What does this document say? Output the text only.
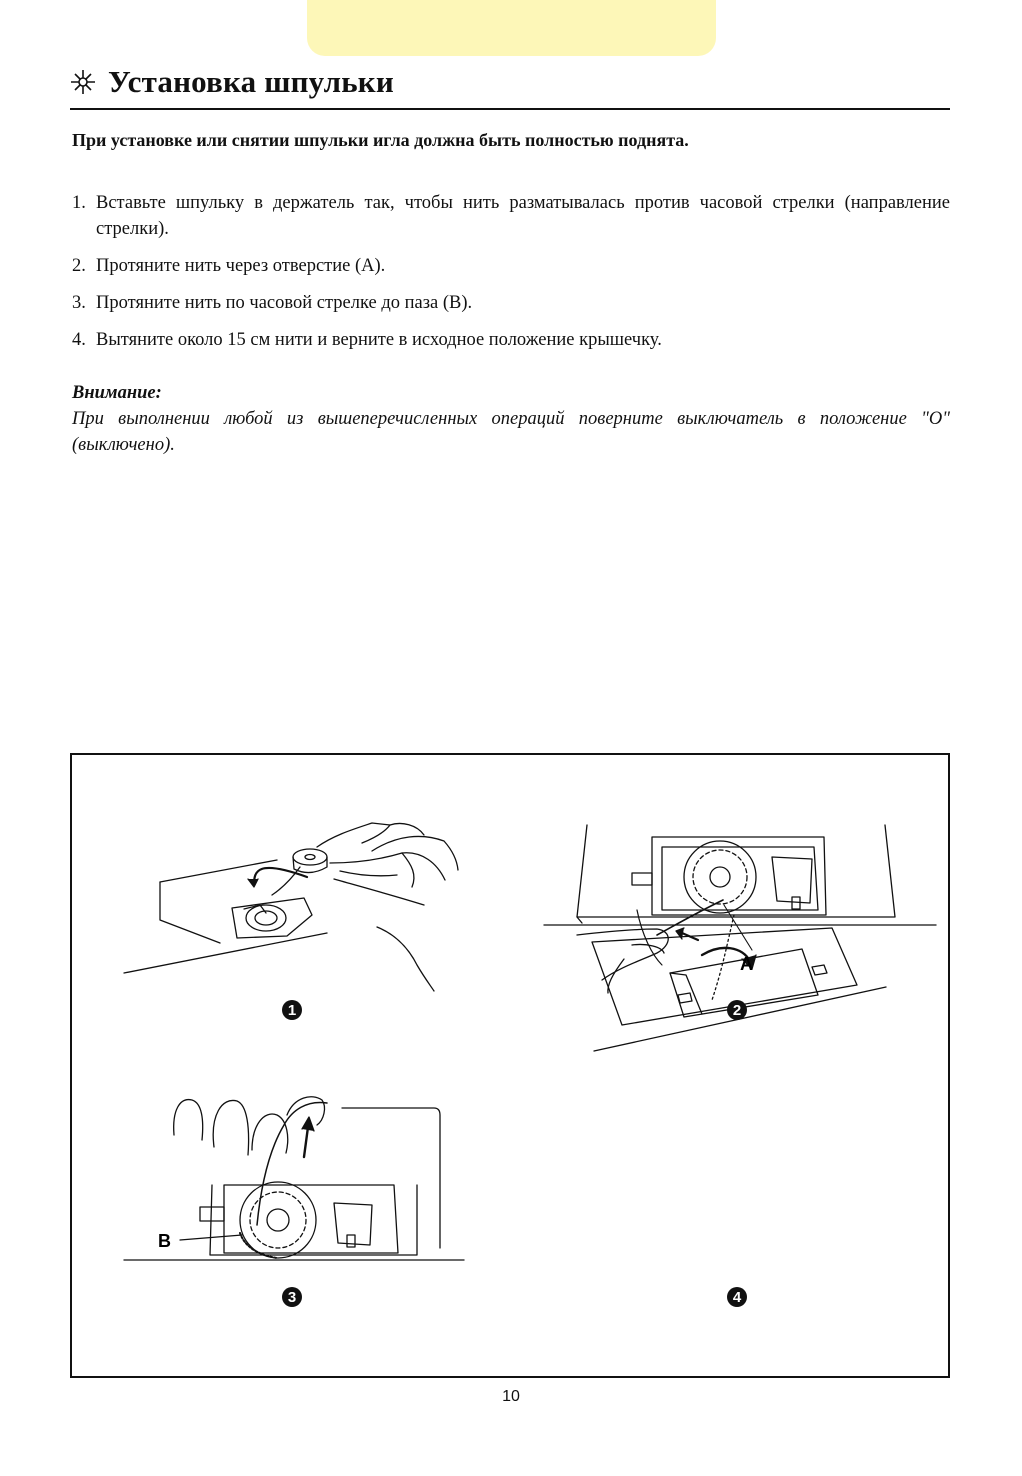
Установка шпульки
При установке или снятии шпульки игла должна быть полностью поднята.
1. Вставьте шпульку в держатель так, чтобы нить разматывалась против часовой стрелки (направление стрелки).
2. Протяните нить через отверстие (A).
3. Протяните нить по часовой стрелке до паза (B).
4. Вытяните около 15 см нити и верните в исходное положение крышечку.
Внимание:
При выполнении любой из вышеперечисленных операций поверните выключатель в положение "O" (выключено).
A
B
1	2
3	4
10
